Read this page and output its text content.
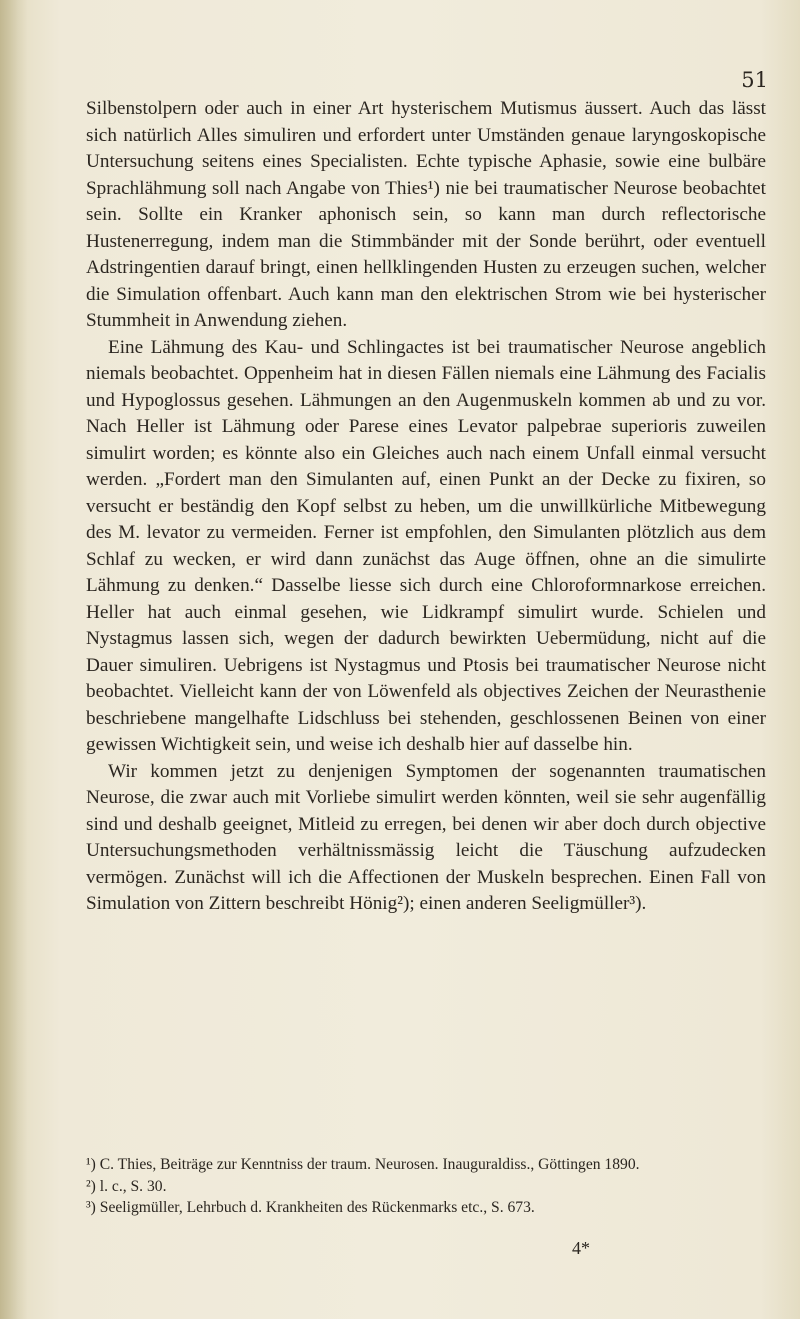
51

Silbenstolpern oder auch in einer Art hysterischem Mutismus äussert. Auch das lässt sich natürlich Alles simuliren und erfordert unter Umständen genaue laryngoskopische Untersuchung seitens eines Specialisten. Echte typische Aphasie, sowie eine bulbäre Sprachlähmung soll nach Angabe von Thies¹) nie bei traumatischer Neurose beobachtet sein. Sollte ein Kranker aphonisch sein, so kann man durch reflectorische Hustenerregung, indem man die Stimmbänder mit der Sonde berührt, oder eventuell Adstringentien darauf bringt, einen hellklingenden Husten zu erzeugen suchen, welcher die Simulation offenbart. Auch kann man den elektrischen Strom wie bei hysterischer Stummheit in Anwendung ziehen.

Eine Lähmung des Kau- und Schlingactes ist bei traumatischer Neurose angeblich niemals beobachtet. Oppenheim hat in diesen Fällen niemals eine Lähmung des Facialis und Hypoglossus gesehen. Lähmungen an den Augenmuskeln kommen ab und zu vor. Nach Heller ist Lähmung oder Parese eines Levator palpebrae superioris zuweilen simulirt worden; es könnte also ein Gleiches auch nach einem Unfall einmal versucht werden. „Fordert man den Simulanten auf, einen Punkt an der Decke zu fixiren, so versucht er beständig den Kopf selbst zu heben, um die unwillkürliche Mitbewegung des M. levator zu vermeiden. Ferner ist empfohlen, den Simulanten plötzlich aus dem Schlaf zu wecken, er wird dann zunächst das Auge öffnen, ohne an die simulirte Lähmung zu denken.“ Dasselbe liesse sich durch eine Chloroformnarkose erreichen. Heller hat auch einmal gesehen, wie Lidkrampf simulirt wurde. Schielen und Nystagmus lassen sich, wegen der dadurch bewirkten Uebermüdung, nicht auf die Dauer simuliren. Uebrigens ist Nystagmus und Ptosis bei traumatischer Neurose nicht beobachtet. Vielleicht kann der von Löwenfeld als objectives Zeichen der Neurasthenie beschriebene mangelhafte Lidschluss bei stehenden, geschlossenen Beinen von einer gewissen Wichtigkeit sein, und weise ich deshalb hier auf dasselbe hin.

Wir kommen jetzt zu denjenigen Symptomen der sogenannten traumatischen Neurose, die zwar auch mit Vorliebe simulirt werden könnten, weil sie sehr augenfällig sind und deshalb geeignet, Mitleid zu erregen, bei denen wir aber doch durch objective Untersuchungsmethoden verhältnissmässig leicht die Täuschung aufzudecken vermögen. Zunächst will ich die Affectionen der Muskeln besprechen. Einen Fall von Simulation von Zittern beschreibt Hönig²); einen anderen Seeligmüller³).

¹) C. Thies, Beiträge zur Kenntniss der traum. Neurosen. Inauguraldiss., Göttingen 1890.

²) l. c., S. 30.

³) Seeligmüller, Lehrbuch d. Krankheiten des Rückenmarks etc., S. 673.

4*
